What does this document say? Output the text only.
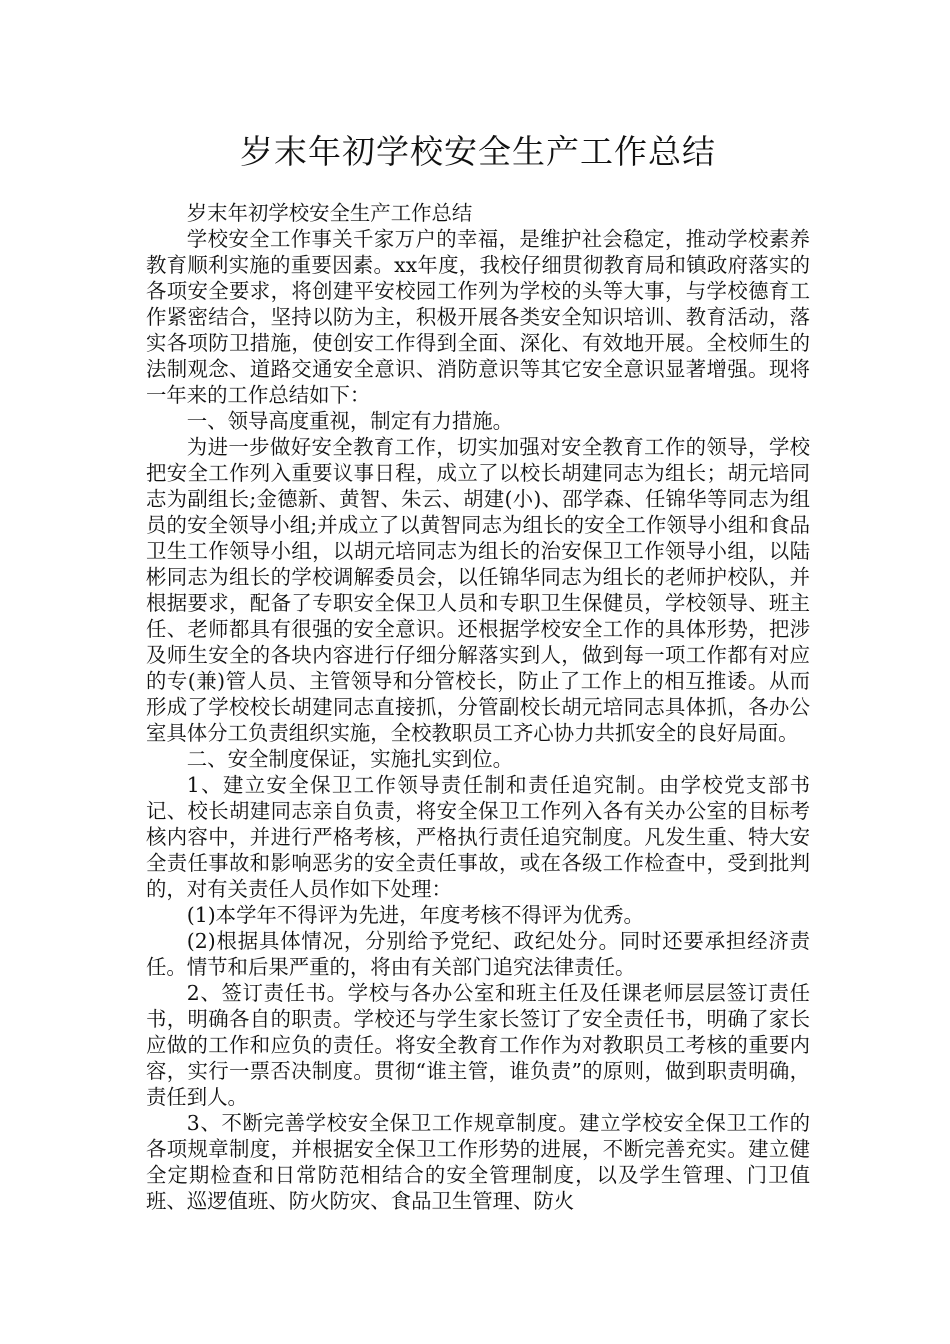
岁末年初学校安全生产工作总结

岁末年初学校安全生产工作总结

学校安全工作事关千家万户的幸福，是维护社会稳定，推动学校素养教育顺利实施的重要因素。xx年度，我校仔细贯彻教育局和镇政府落实的各项安全要求，将创建平安校园工作列为学校的头等大事，与学校德育工作紧密结合，坚持以防为主，积极开展各类安全知识培训、教育活动，落实各项防卫措施，使创安工作得到全面、深化、有效地开展。全校师生的法制观念、道路交通安全意识、消防意识等其它安全意识显著增强。现将一年来的工作总结如下：

一、领导高度重视，制定有力措施。

为进一步做好安全教育工作，切实加强对安全教育工作的领导，学校把安全工作列入重要议事日程，成立了以校长胡建同志为组长；胡元培同志为副组长;金德新、黄智、朱云、胡建(小)、邵学森、任锦华等同志为组员的安全领导小组;并成立了以黄智同志为组长的安全工作领导小组和食品卫生工作领导小组，以胡元培同志为组长的治安保卫工作领导小组，以陆彬同志为组长的学校调解委员会，以任锦华同志为组长的老师护校队，并根据要求，配备了专职安全保卫人员和专职卫生保健员，学校领导、班主任、老师都具有很强的安全意识。还根据学校安全工作的具体形势，把涉及师生安全的各块内容进行仔细分解落实到人，做到每一项工作都有对应的专(兼)管人员、主管领导和分管校长，防止了工作上的相互推诿。从而形成了学校校长胡建同志直接抓，分管副校长胡元培同志具体抓，各办公室具体分工负责组织实施，全校教职员工齐心协力共抓安全的良好局面。

二、安全制度保证，实施扎实到位。

1、建立安全保卫工作领导责任制和责任追究制。由学校党支部书记、校长胡建同志亲自负责，将安全保卫工作列入各有关办公室的目标考核内容中，并进行严格考核，严格执行责任追究制度。凡发生重、特大安全责任事故和影响恶劣的安全责任事故，或在各级工作检查中，受到批判的，对有关责任人员作如下处理：

(1)本学年不得评为先进，年度考核不得评为优秀。

(2)根据具体情况，分别给予党纪、政纪处分。同时还要承担经济责任。情节和后果严重的，将由有关部门追究法律责任。

2、签订责任书。学校与各办公室和班主任及任课老师层层签订责任书，明确各自的职责。学校还与学生家长签订了安全责任书，明确了家长应做的工作和应负的责任。将安全教育工作作为对教职员工考核的重要内容，实行一票否决制度。贯彻“谁主管，谁负责”的原则，做到职责明确，责任到人。

3、不断完善学校安全保卫工作规章制度。建立学校安全保卫工作的各项规章制度，并根据安全保卫工作形势的进展，不断完善充实。建立健全定期检查和日常防范相结合的安全管理制度，以及学生管理、门卫值班、巡逻值班、防火防灾、食品卫生管理、防火
